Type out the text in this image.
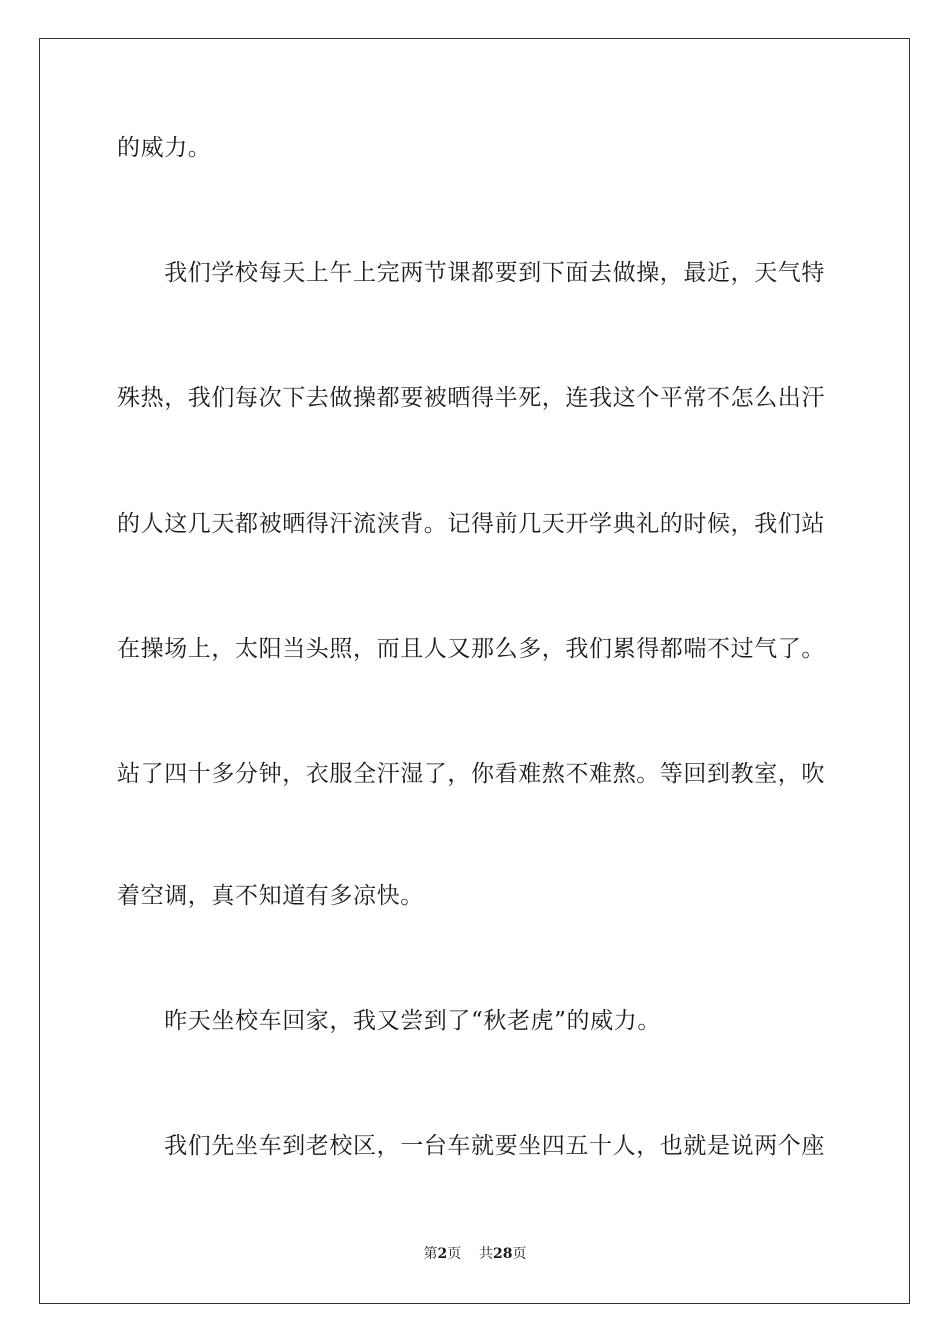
的威力。
　　我们学校每天上午上完两节课都要到下面去做操，最近，天气特
殊热，我们每次下去做操都要被晒得半死，连我这个平常不怎么出汗
的人这几天都被晒得汗流浃背。记得前几天开学典礼的时候，我们站
在操场上，太阳当头照，而且人又那么多，我们累得都喘不过气了。
站了四十多分钟，衣服全汗湿了，你看难熬不难熬。等回到教室，吹
着空调，真不知道有多凉快。
　　昨天坐校车回家，我又尝到了“秋老虎”的威力。
　　我们先坐车到老校区，一台车就要坐四五十人，也就是说两个座
第2页 共28页
